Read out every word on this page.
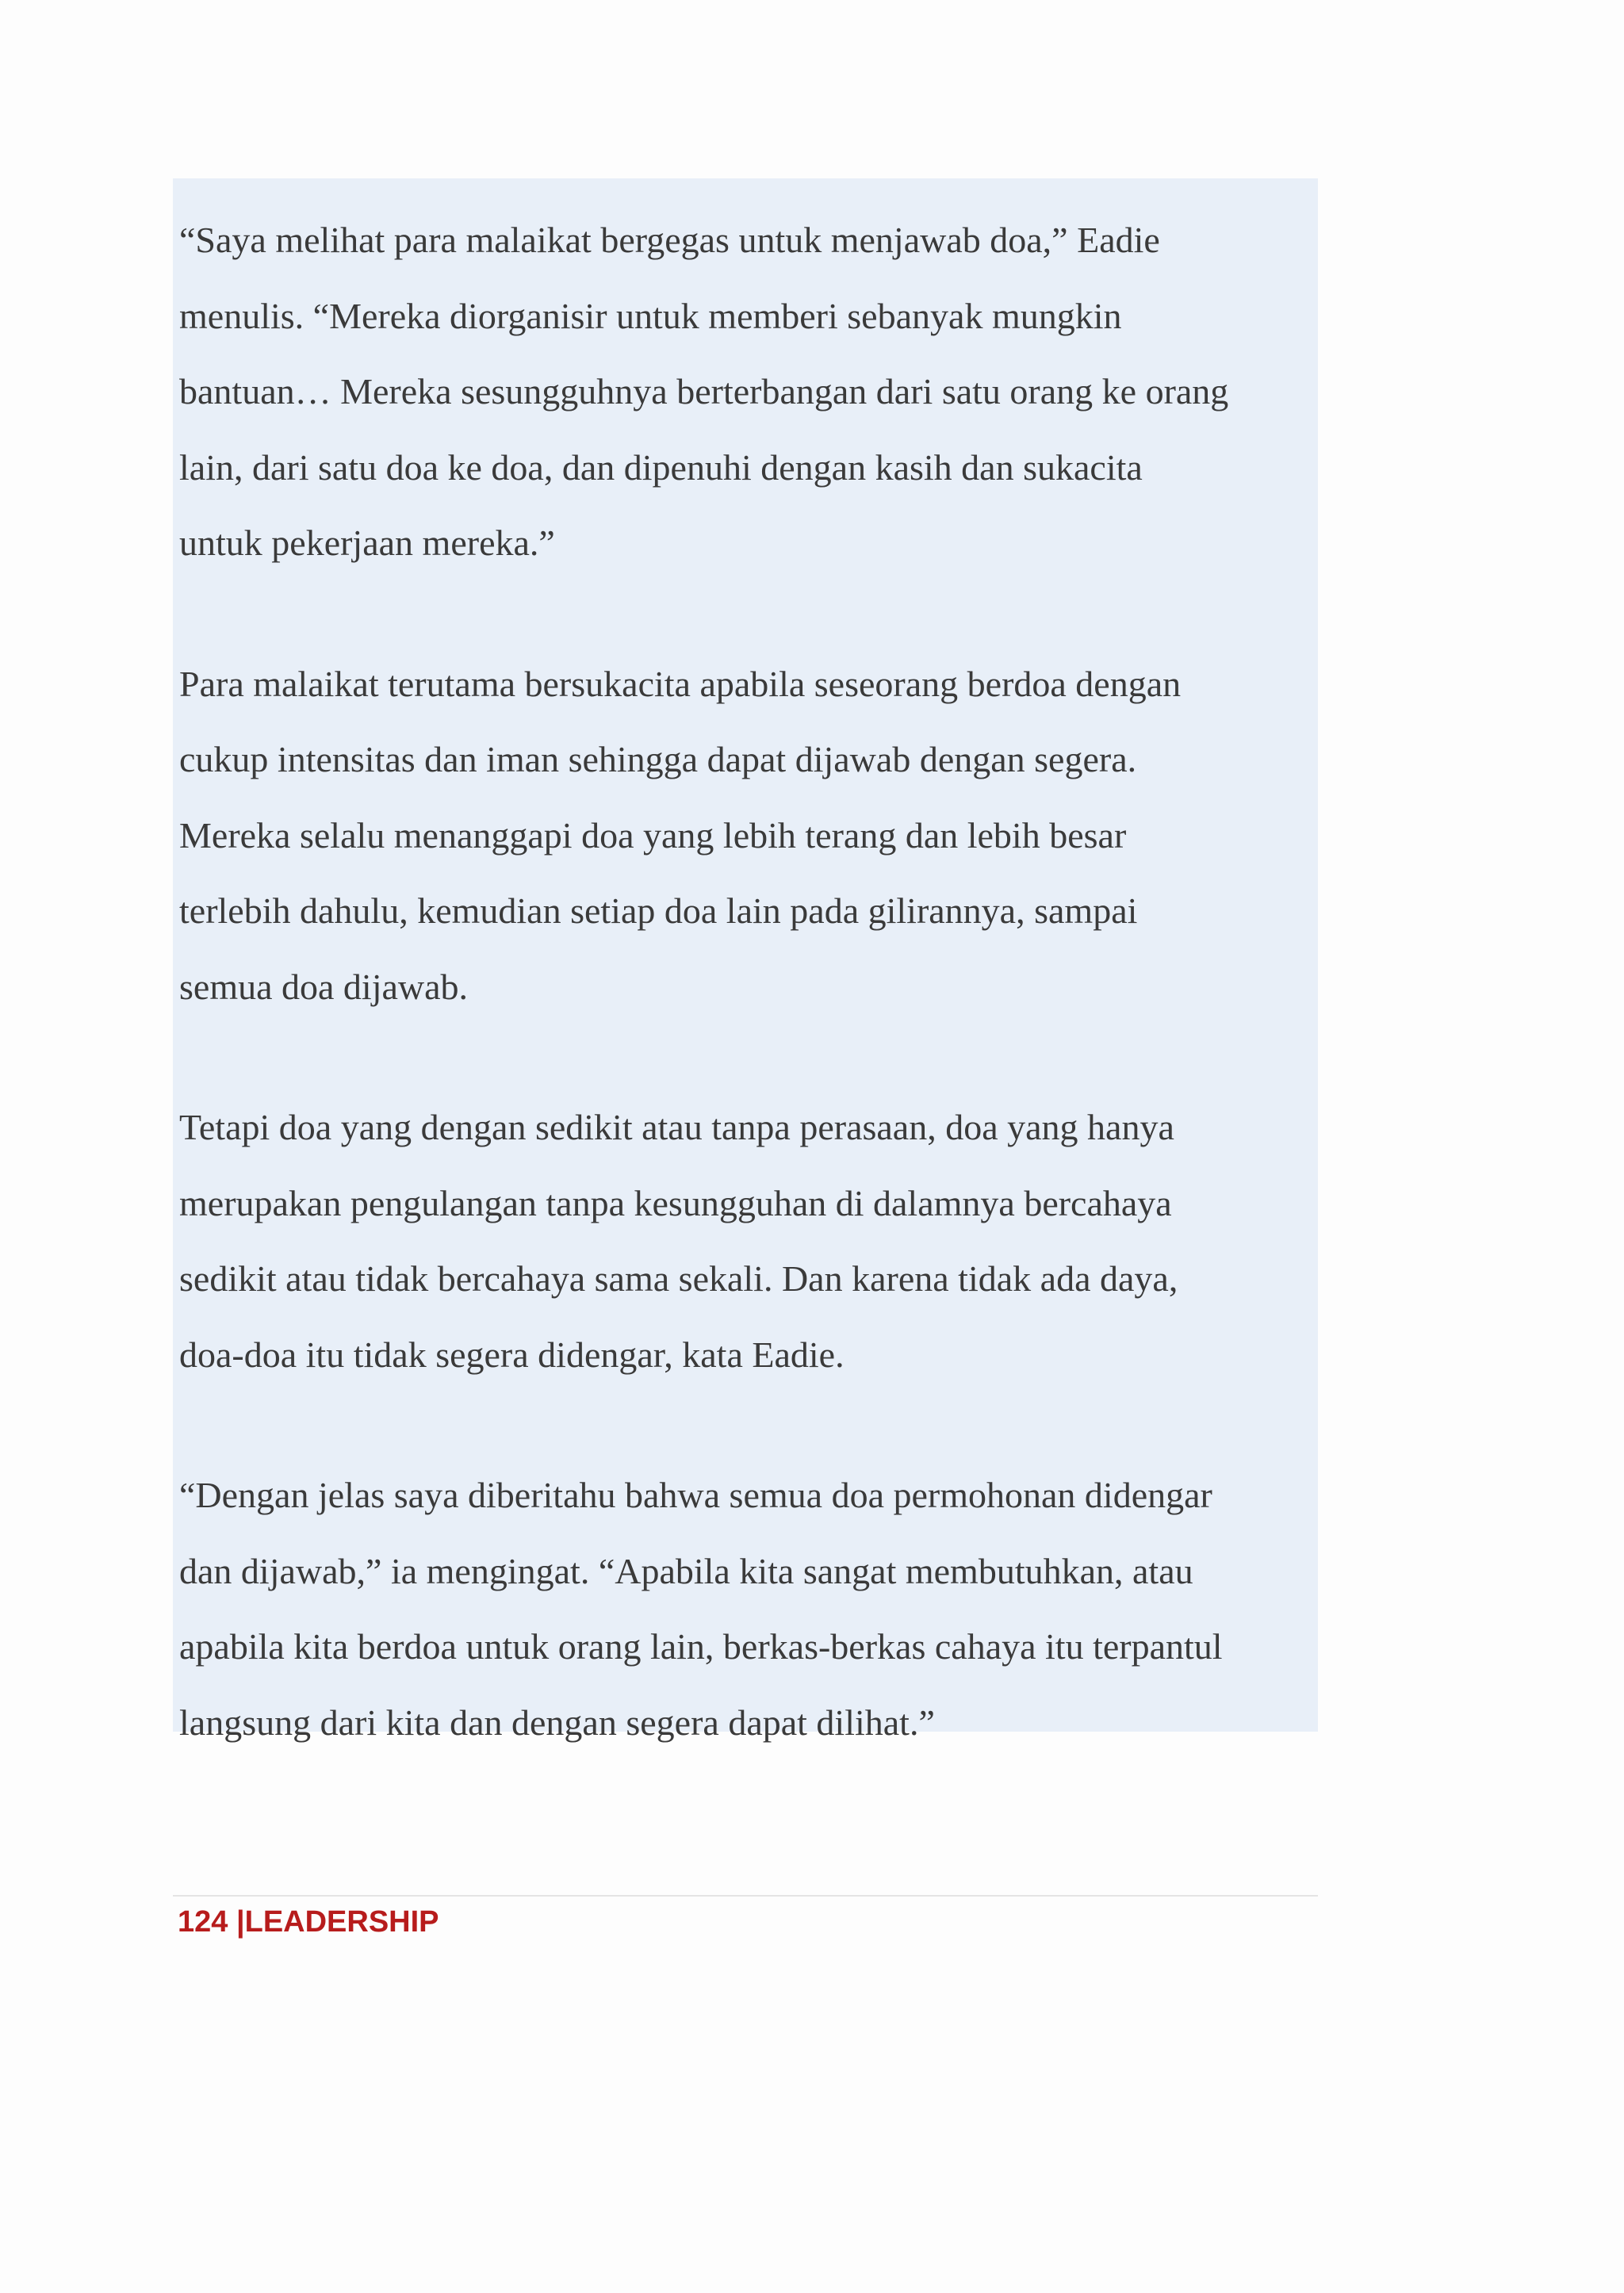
“Saya melihat para malaikat bergegas untuk menjawab doa,” Eadie
menulis. “Mereka diorganisir untuk memberi sebanyak mungkin
bantuan… Mereka sesungguhnya berterbangan dari satu orang ke orang
lain, dari satu doa ke doa, dan dipenuhi dengan kasih dan sukacita
untuk pekerjaan mereka.”

Para malaikat terutama bersukacita apabila seseorang berdoa dengan
cukup intensitas dan iman sehingga dapat dijawab dengan segera.
Mereka selalu menanggapi doa yang lebih terang dan lebih besar
terlebih dahulu, kemudian setiap doa lain pada gilirannya, sampai
semua doa dijawab.

Tetapi doa yang dengan sedikit atau tanpa perasaan, doa yang hanya
merupakan pengulangan tanpa kesungguhan di dalamnya bercahaya
sedikit atau tidak bercahaya sama sekali. Dan karena tidak ada daya,
doa-doa itu tidak segera didengar, kata Eadie.

“Dengan jelas saya diberitahu bahwa semua doa permohonan didengar
dan dijawab,” ia mengingat. “Apabila kita sangat membutuhkan, atau
apabila kita berdoa untuk orang lain, berkas-berkas cahaya itu terpantul
langsung dari kita dan dengan segera dapat dilihat.”

124 |LEADERSHIP
